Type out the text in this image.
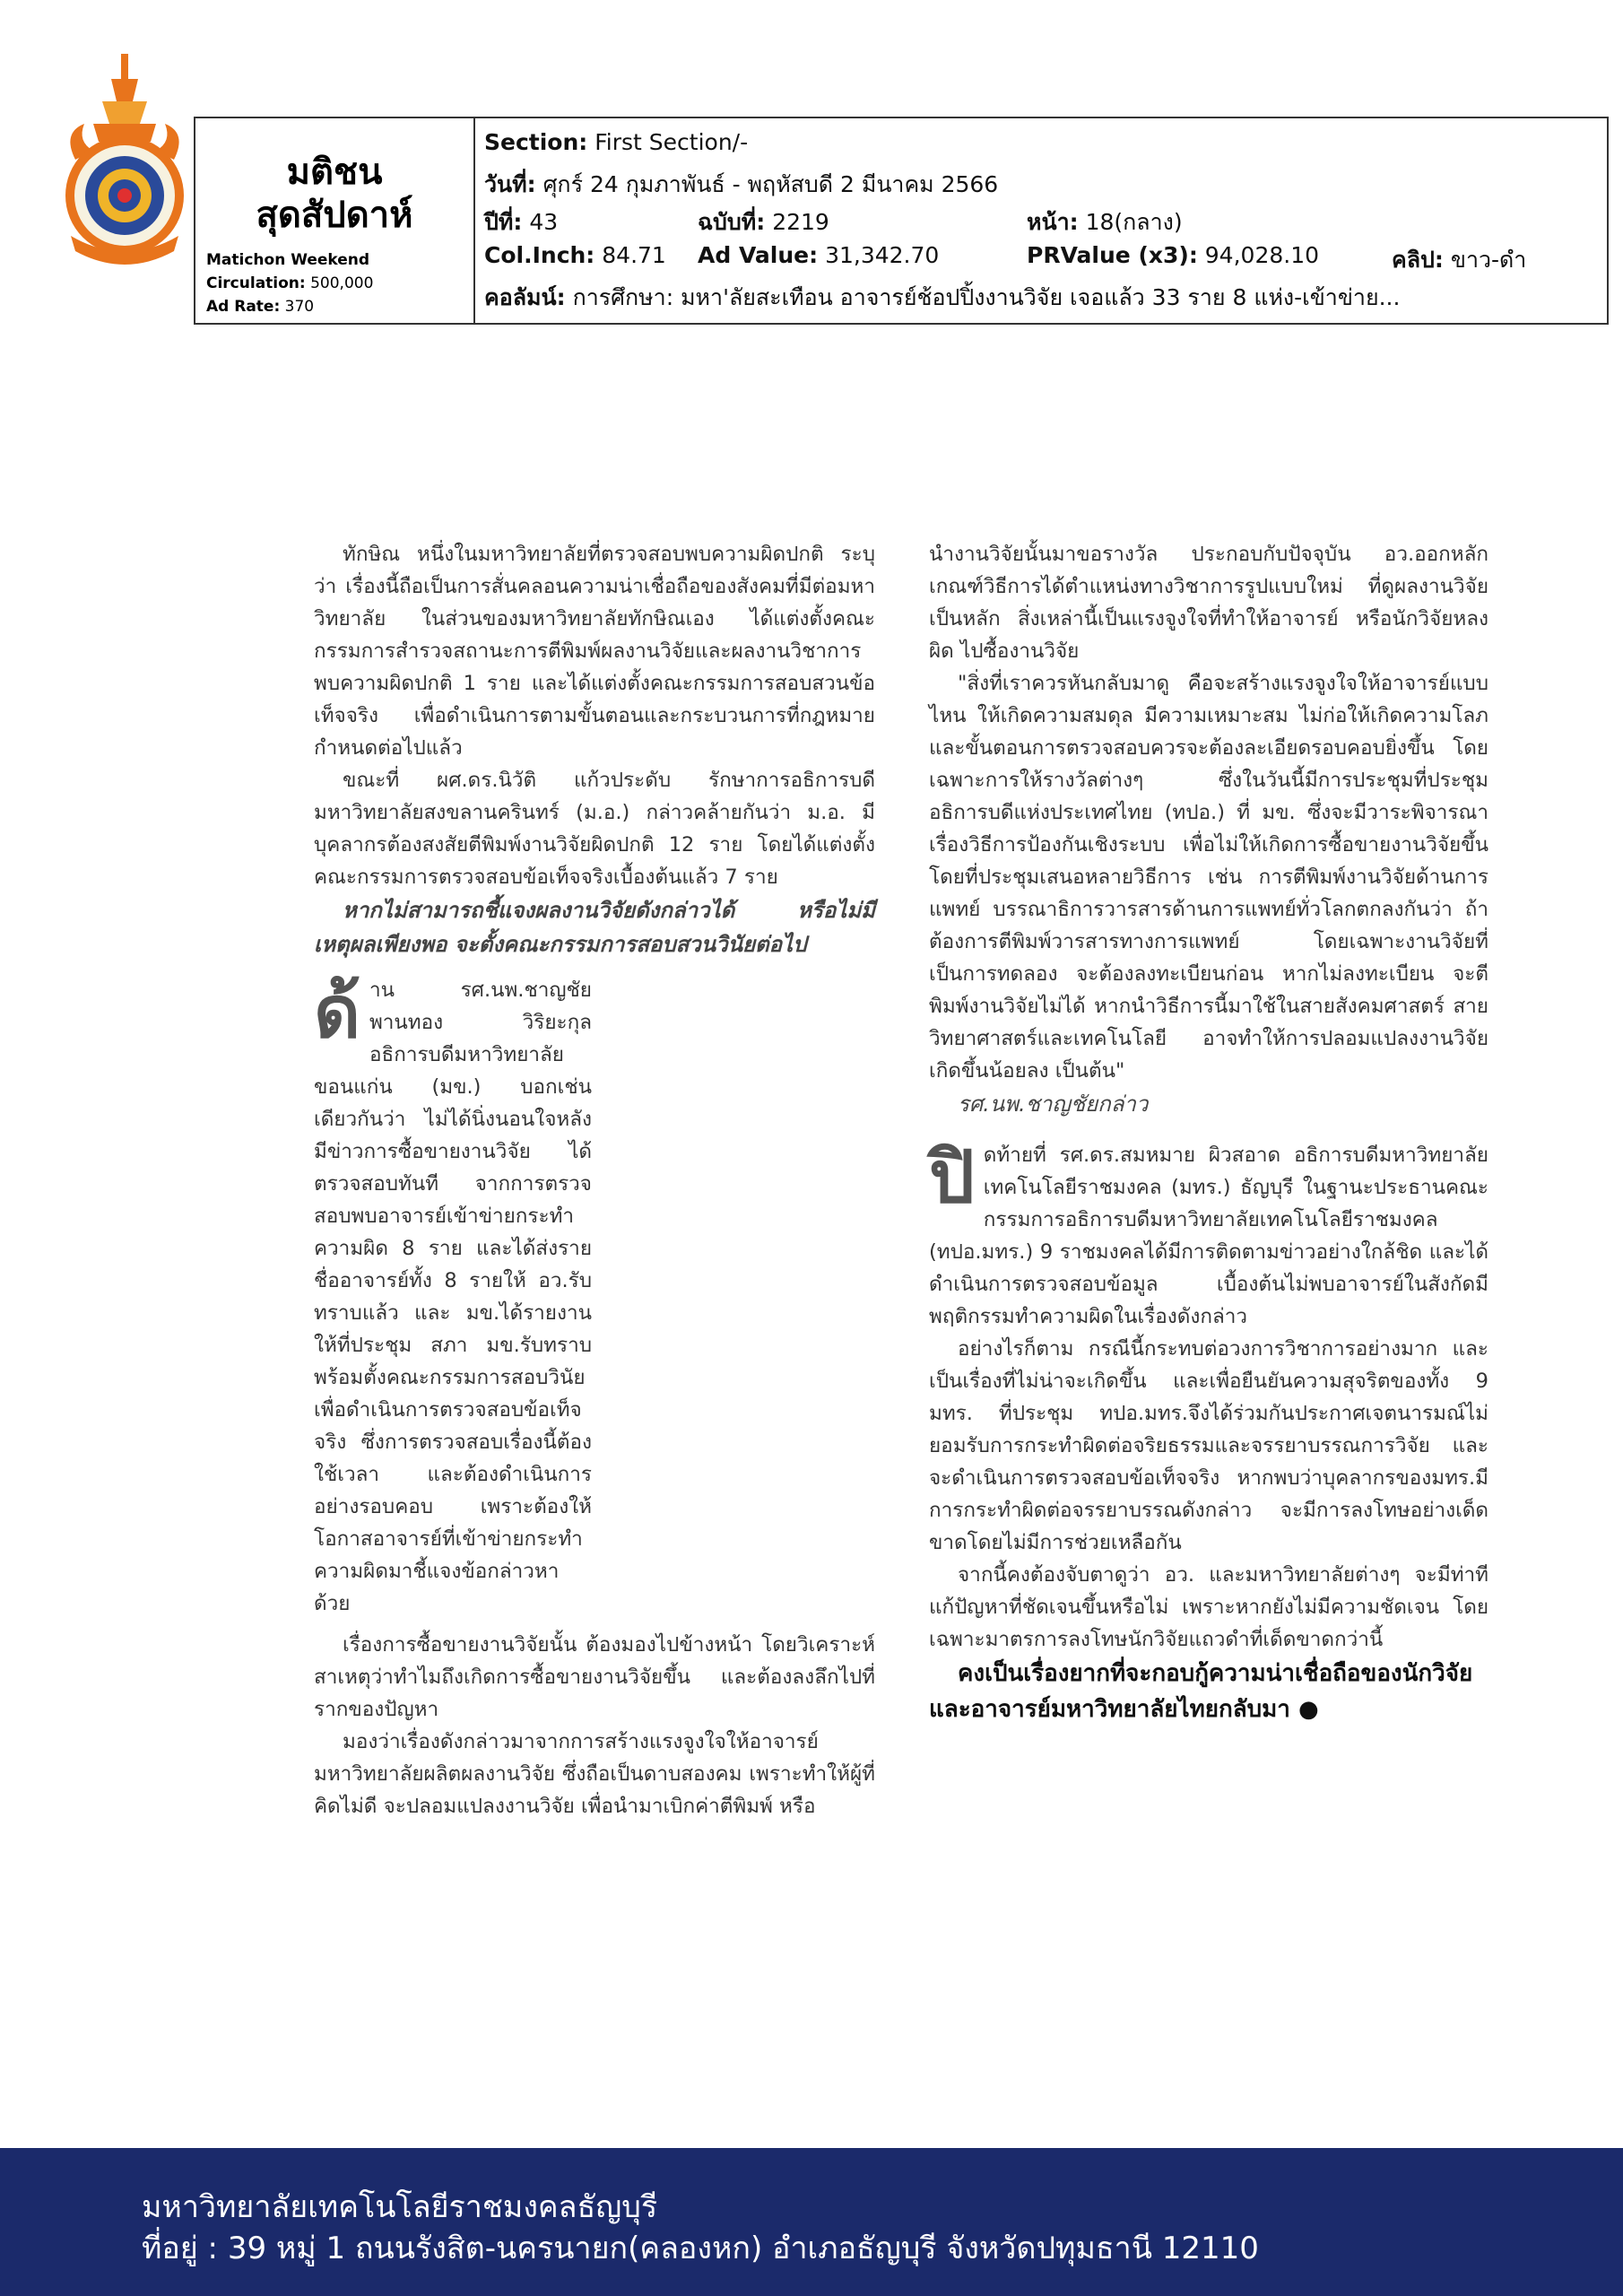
มติชน
สุดสัปดาห์
Matichon Weekend
Circulation: 500,000
Ad Rate: 370
Section: First Section/-
วันที่: ศุกร์ 24 กุมภาพันธ์ - พฤหัสบดี 2 มีนาคม 2566
ปีที่: 43	ฉบับที่: 2219	หน้า: 18(กลาง)
Col.Inch: 84.71 Ad Value: 31,342.70	PRValue (x3): 94,028.10	คลิป: ขาว-ดำ
คอลัมน์: การศึกษา: มหา'ลัยสะเทือน อาจารย์ช้อปปิ้งงานวิจัย เจอแล้ว 33 ราย 8 แห่ง-เข้าข่าย...

ทักษิณ หนึ่งในมหาวิทยาลัยที่ตรวจสอบพบความผิดปกติ ระบุว่า เรื่องนี้ถือเป็นการสั่นคลอนความน่าเชื่อถือของสังคมที่มีต่อมหาวิทยาลัย ในส่วนของมหาวิทยาลัยทักษิณเอง ได้แต่งตั้งคณะกรรมการสำรวจสถานะการตีพิมพ์ผลงานวิจัยและผลงานวิชาการ พบความผิดปกติ 1 ราย และได้แต่งตั้งคณะกรรมการสอบสวนข้อเท็จจริง เพื่อดำเนินการตามขั้นตอนและกระบวนการที่กฎหมายกำหนดต่อไปแล้ว

ขณะที่ ผศ.ดร.นิวัติ แก้วประดับ รักษาการอธิการบดีมหาวิทยาลัยสงขลานครินทร์ (ม.อ.) กล่าวคล้ายกันว่า ม.อ. มีบุคลากรต้องสงสัยตีพิมพ์งานวิจัยผิดปกติ 12 ราย โดยได้แต่งตั้งคณะกรรมการตรวจสอบข้อเท็จจริงเบื้องต้นแล้ว 7 ราย

หากไม่สามารถชี้แจงผลงานวิจัยดังกล่าวได้ หรือไม่มีเหตุผลเพียงพอ จะตั้งคณะกรรมการสอบสวนวินัยต่อไป

ด้ าน รศ.นพ.ชาญชัย พานทอง วิริยะกุล อธิการบดีมหาวิทยาลัยขอนแก่น (มข.) บอกเช่นเดียวกันว่า ไม่ได้นิ่งนอนใจหลังมีข่าวการซื้อขายงานวิจัย ได้ตรวจสอบทันที จากการตรวจสอบพบอาจารย์เข้าข่ายกระทำความผิด 8 ราย และได้ส่งรายชื่ออาจารย์ทั้ง 8 รายให้ อว.รับทราบแล้ว และ มข.ได้รายงานให้ที่ประชุม สภา มข.รับทราบพร้อมตั้งคณะกรรมการสอบวินัยเพื่อดำเนินการตรวจสอบข้อเท็จจริง ซึ่งการตรวจสอบเรื่องนี้ต้องใช้เวลา และต้องดำเนินการอย่างรอบคอบ เพราะต้องให้โอกาสอาจารย์ที่เข้าข่ายกระทำความผิดมาชี้แจงข้อกล่าวหาด้วย

เรื่องการซื้อขายงานวิจัยนั้น ต้องมองไปข้างหน้า โดยวิเคราะห์สาเหตุว่าทำไมถึงเกิดการซื้อขายงานวิจัยขึ้น และต้องลงลึกไปที่รากของปัญหา

มองว่าเรื่องดังกล่าวมาจากการสร้างแรงจูงใจให้อาจารย์มหาวิทยาลัยผลิตผลงานวิจัย ซึ่งถือเป็นดาบสองคม เพราะทำให้ผู้ที่คิดไม่ดี จะปลอมแปลงงานวิจัย เพื่อนำมาเบิกค่าตีพิมพ์ หรือ

นำงานวิจัยนั้นมาขอรางวัล ประกอบกับปัจจุบัน อว.ออกหลักเกณฑ์วิธีการได้ตำแหน่งทางวิชาการรูปแบบใหม่ ที่ดูผลงานวิจัยเป็นหลัก สิ่งเหล่านี้เป็นแรงจูงใจที่ทำให้อาจารย์ หรือนักวิจัยหลงผิด ไปซื้องานวิจัย

"สิ่งที่เราควรหันกลับมาดู คือจะสร้างแรงจูงใจให้อาจารย์แบบไหน ให้เกิดความสมดุล มีความเหมาะสม ไม่ก่อให้เกิดความโลภ และขั้นตอนการตรวจสอบควรจะต้องละเอียดรอบคอบยิ่งขึ้น โดยเฉพาะการให้รางวัลต่างๆ ซึ่งในวันนี้มีการประชุมที่ประชุมอธิการบดีแห่งประเทศไทย (ทปอ.) ที่ มข. ซึ่งจะมีวาระพิจารณาเรื่องวิธีการป้องกันเชิงระบบ เพื่อไม่ให้เกิดการซื้อขายงานวิจัยขึ้น โดยที่ประชุมเสนอหลายวิธีการ เช่น การตีพิมพ์งานวิจัยด้านการแพทย์ บรรณาธิการวารสารด้านการแพทย์ทั่วโลกตกลงกันว่า ถ้าต้องการตีพิมพ์วารสารทางการแพทย์ โดยเฉพาะงานวิจัยที่เป็นการทดลอง จะต้องลงทะเบียนก่อน หากไม่ลงทะเบียน จะตีพิมพ์งานวิจัยไม่ได้ หากนำวิธีการนี้มาใช้ในสายสังคมศาสตร์ สายวิทยาศาสตร์และเทคโนโลยี อาจทำให้การปลอมแปลงงานวิจัยเกิดขึ้นน้อยลง เป็นต้น"

รศ.นพ.ชาญชัยกล่าว

ปิ ดท้ายที่ รศ.ดร.สมหมาย ผิวสอาด อธิการบดีมหาวิทยาลัยเทคโนโลยีราชมงคล (มทร.) ธัญบุรี ในฐานะประธานคณะกรรมการอธิการบดีมหาวิทยาลัยเทคโนโลยีราชมงคล (ทปอ.มทร.) 9 ราชมงคลได้มีการติดตามข่าวอย่างใกล้ชิด และได้ดำเนินการตรวจสอบข้อมูล เบื้องต้นไม่พบอาจารย์ในสังกัดมีพฤติกรรมทำความผิดในเรื่องดังกล่าว

อย่างไรก็ตาม กรณีนี้กระทบต่อวงการวิชาการอย่างมาก และเป็นเรื่องที่ไม่น่าจะเกิดขึ้น และเพื่อยืนยันความสุจริตของทั้ง 9 มทร. ที่ประชุม ทปอ.มทร.จึงได้ร่วมกันประกาศเจตนารมณ์ไม่ยอมรับการกระทำผิดต่อจริยธรรมและจรรยาบรรณการวิจัย และจะดำเนินการตรวจสอบข้อเท็จจริง หากพบว่าบุคลากรของมทร.มีการกระทำผิดต่อจรรยาบรรณดังกล่าว จะมีการลงโทษอย่างเด็ดขาดโดยไม่มีการช่วยเหลือกัน

จากนี้คงต้องจับตาดูว่า อว. และมหาวิทยาลัยต่างๆ จะมีท่าทีแก้ปัญหาที่ชัดเจนขึ้นหรือไม่ เพราะหากยังไม่มีความชัดเจน โดยเฉพาะมาตรการลงโทษนักวิจัยแถวดำที่เด็ดขาดกว่านี้

คงเป็นเรื่องยากที่จะกอบกู้ความน่าเชื่อถือของนักวิจัย และอาจารย์มหาวิทยาลัยไทยกลับมา ●

มหาวิทยาลัยเทคโนโลยีราชมงคลธัญบุรี
ที่อยู่ : 39 หมู่ 1 ถนนรังสิต-นครนายก(คลองหก) อำเภอธัญบุรี จังหวัดปทุมธานี 12110
